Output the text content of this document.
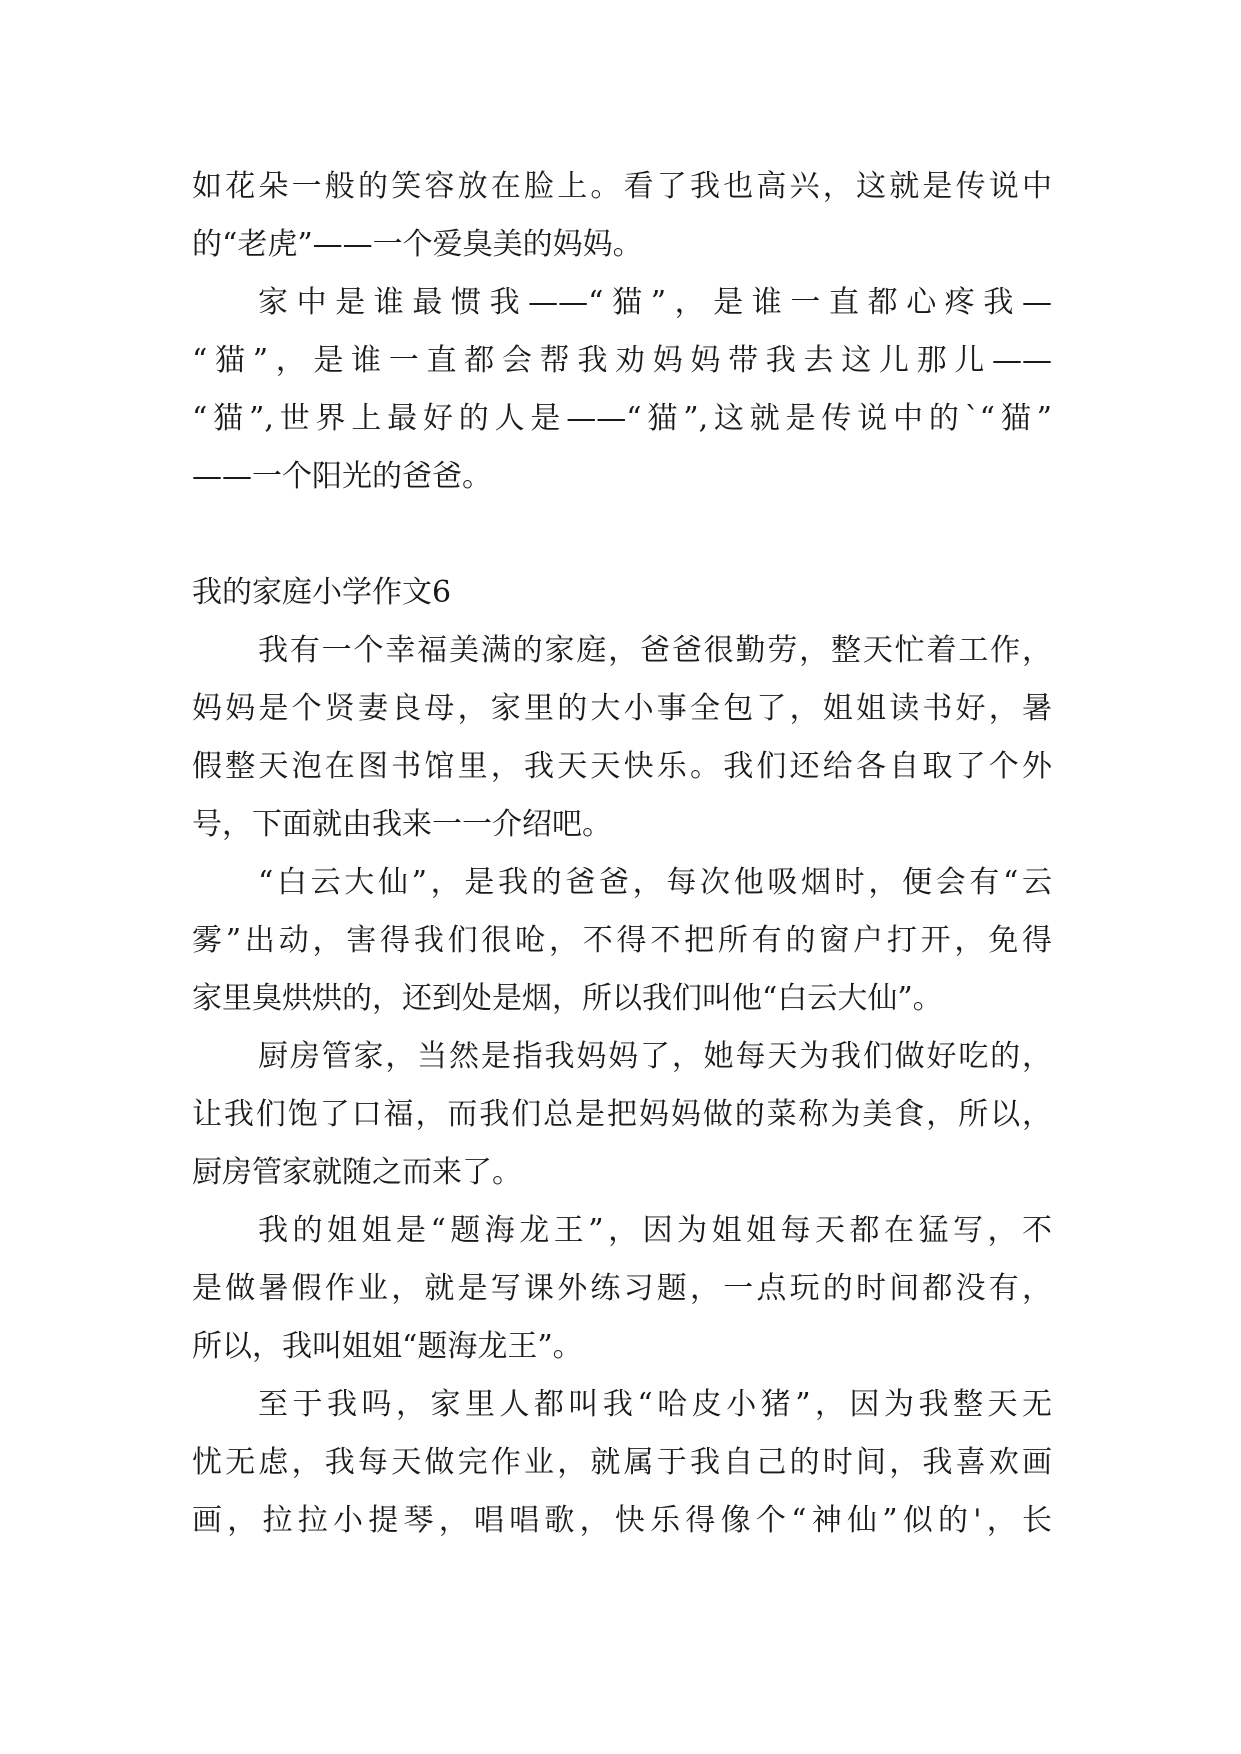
如花朵一般的笑容放在脸上。看了我也高兴，这就是传说中
的“老虎”——一个爱臭美的妈妈。
家中是谁最惯我——“猫”，是谁一直都心疼我—
“猫”，是谁一直都会帮我劝妈妈带我去这儿那儿——
“猫”,世界上最好的人是——“猫”,这就是传说中的`“猫”
——一个阳光的爸爸。
我的家庭小学作文6
我有一个幸福美满的家庭，爸爸很勤劳，整天忙着工作，
妈妈是个贤妻良母，家里的大小事全包了，姐姐读书好，暑
假整天泡在图书馆里，我天天快乐。我们还给各自取了个外
号，下面就由我来一一介绍吧。
“白云大仙”，是我的爸爸，每次他吸烟时，便会有“云
雾”出动，害得我们很呛，不得不把所有的窗户打开，免得
家里臭烘烘的，还到处是烟，所以我们叫他“白云大仙”。
厨房管家，当然是指我妈妈了，她每天为我们做好吃的，
让我们饱了口福，而我们总是把妈妈做的菜称为美食，所以，
厨房管家就随之而来了。
我的姐姐是“题海龙王”，因为姐姐每天都在猛写，不
是做暑假作业，就是写课外练习题，一点玩的时间都没有，
所以，我叫姐姐“题海龙王”。
至于我吗，家里人都叫我“哈皮小猪”，因为我整天无
忧无虑，我每天做完作业，就属于我自己的时间，我喜欢画
画，拉拉小提琴，唱唱歌，快乐得像个“神仙”似的'，长
